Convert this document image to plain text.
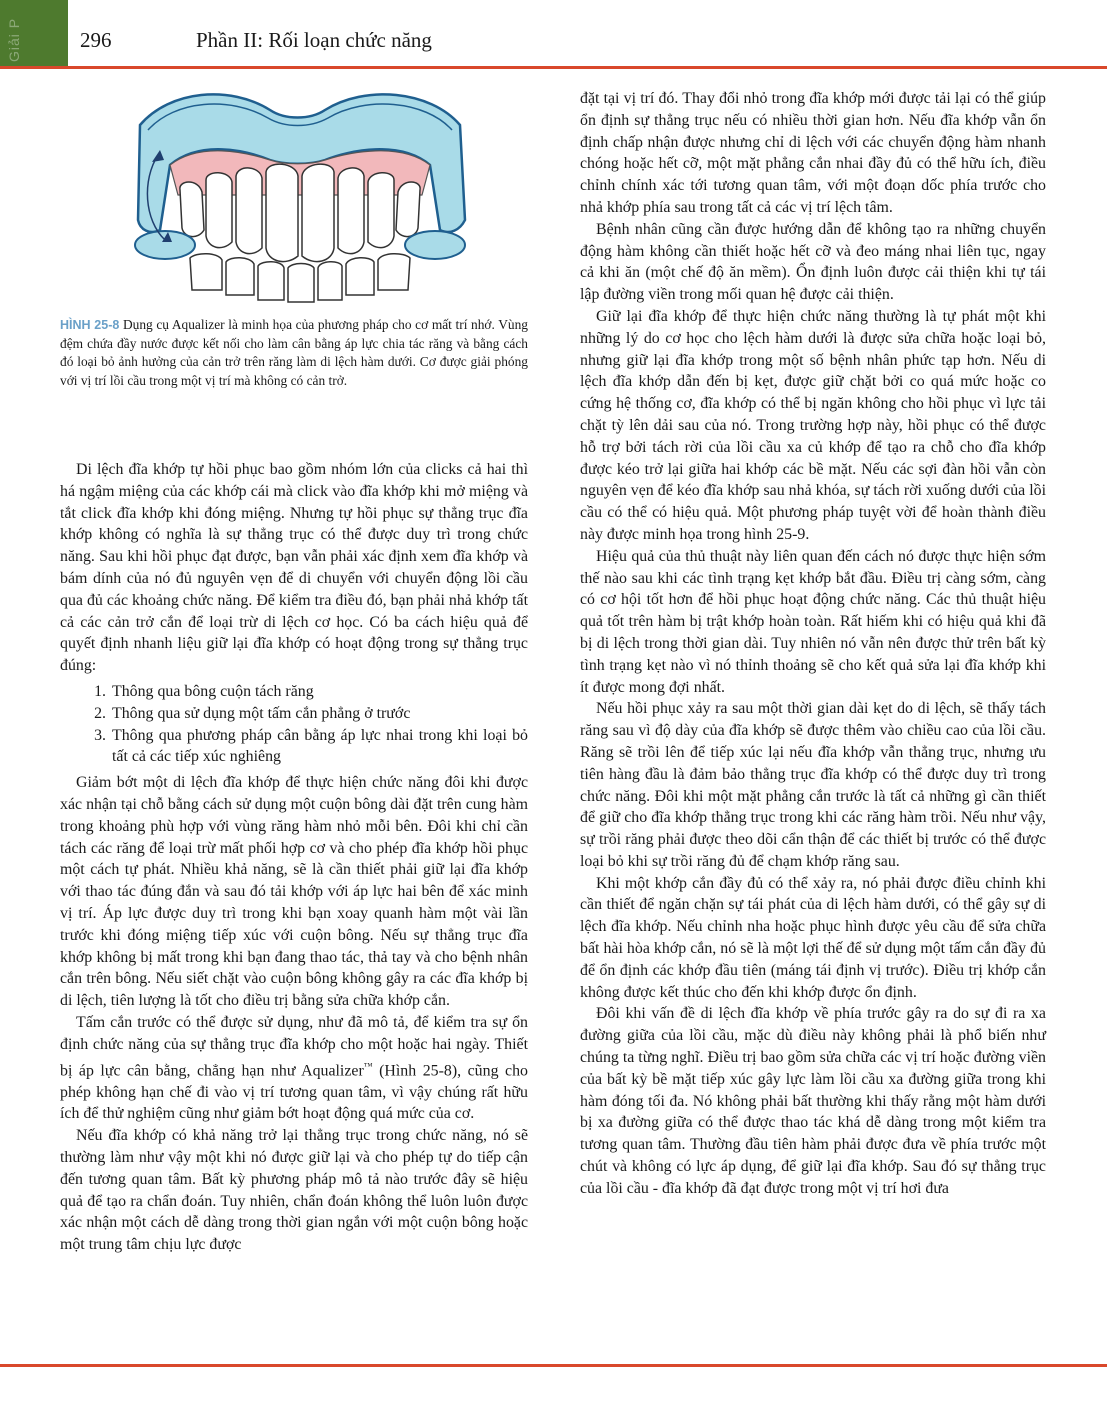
Giải P	296	Phần II: Rối loạn chức năng
HÌNH 25-8 Dụng cụ Aqualizer là minh họa của phương pháp cho cơ mất trí nhớ. Vùng đệm chứa đầy nước được kết nối cho làm cân bằng áp lực chia tác răng và bằng cách đó loại bỏ ảnh hưởng của cản trở trên răng làm di lệch hàm dưới. Cơ được giải phóng với vị trí lồi cầu trong một vị trí mà không có cản trở.

Di lệch đĩa khớp tự hồi phục bao gồm nhóm lớn của clicks cả hai thì há ngậm miệng của các khớp cái mà click vào đĩa khớp khi mở miệng và tắt click đĩa khớp khi đóng miệng. Nhưng tự hồi phục sự thẳng trục đĩa khớp không có nghĩa là sự thẳng trục có thể được duy trì trong chức năng. Sau khi hồi phục đạt được, bạn vẫn phải xác định xem đĩa khớp và bám dính của nó đủ nguyên vẹn để di chuyển với chuyển động lồi cầu qua đủ các khoảng chức năng. Để kiểm tra điều đó, bạn phải nhả khớp tất cả các cản trở cắn để loại trừ di lệch cơ học. Có ba cách hiệu quả để quyết định nhanh liệu giữ lại đĩa khớp có hoạt động trong sự thẳng trục đúng:

1. Thông qua bông cuộn tách răng
2. Thông qua sử dụng một tấm cắn phẳng ở trước
3. Thông qua phương pháp cân bằng áp lực nhai trong khi loại bỏ tất cả các tiếp xúc nghiêng

Giảm bớt một di lệch đĩa khớp để thực hiện chức năng đôi khi được xác nhận tại chỗ bằng cách sử dụng một cuộn bông dài đặt trên cung hàm trong khoảng phù hợp với vùng răng hàm nhỏ mỗi bên. Đôi khi chỉ cần tách các răng để loại trừ mất phối hợp cơ và cho phép đĩa khớp hồi phục một cách tự phát. Nhiều khả năng, sẽ là cần thiết phải giữ lại đĩa khớp với thao tác đúng đắn và sau đó tải khớp với áp lực hai bên để xác minh vị trí. Áp lực được duy trì trong khi bạn xoay quanh hàm một vài lần trước khi đóng miệng tiếp xúc với cuộn bông. Nếu sự thẳng trục đĩa khớp không bị mất trong khi bạn đang thao tác, thả tay và cho bệnh nhân cắn trên bông. Nếu siết chặt vào cuộn bông không gây ra các đĩa khớp bị di lệch, tiên lượng là tốt cho điều trị bằng sửa chữa khớp cắn.

Tấm cắn trước có thể được sử dụng, như đã mô tả, để kiểm tra sự ổn định chức năng của sự thẳng trục đĩa khớp cho một hoặc hai ngày. Thiết bị áp lực cân bằng, chẳng hạn như Aqualizer™ (Hình 25-8), cũng cho phép không hạn chế đi vào vị trí tương quan tâm, vì vậy chúng rất hữu ích để thử nghiệm cũng như giảm bớt hoạt động quá mức của cơ.

Nếu đĩa khớp có khả năng trở lại thẳng trục trong chức năng, nó sẽ thường làm như vậy một khi nó được giữ lại và cho phép tự do tiếp cận đến tương quan tâm. Bất kỳ phương pháp mô tả nào trước đây sẽ hiệu quả để tạo ra chẩn đoán. Tuy nhiên, chẩn đoán không thể luôn luôn được xác nhận một cách dễ dàng trong thời gian ngắn với một cuộn bông hoặc một trung tâm chịu lực được

đặt tại vị trí đó. Thay đổi nhỏ trong đĩa khớp mới được tải lại có thể giúp ổn định sự thẳng trục nếu có nhiều thời gian hơn. Nếu đĩa khớp vẫn ổn định chấp nhận được nhưng chỉ di lệch với các chuyển động hàm nhanh chóng hoặc hết cỡ, một mặt phẳng cắn nhai đầy đủ có thể hữu ích, điều chỉnh chính xác tới tương quan tâm, với một đoạn dốc phía trước cho nhả khớp phía sau trong tất cả các vị trí lệch tâm.

Bệnh nhân cũng cần được hướng dẫn để không tạo ra những chuyển động hàm không cần thiết hoặc hết cỡ và đeo máng nhai liên tục, ngay cả khi ăn (một chế độ ăn mềm). Ổn định luôn được cải thiện khi tự tái lập đường viền trong mối quan hệ được cải thiện.

Giữ lại đĩa khớp để thực hiện chức năng thường là tự phát một khi những lý do cơ học cho lệch hàm dưới là được sửa chữa hoặc loại bỏ, nhưng giữ lại đĩa khớp trong một số bệnh nhân phức tạp hơn. Nếu di lệch đĩa khớp dẫn đến bị kẹt, được giữ chặt bởi co quá mức hoặc co cứng hệ thống cơ, đĩa khớp có thể bị ngăn không cho hồi phục vì lực tải chặt tỳ lên dải sau của nó. Trong trường hợp này, hồi phục có thể được hỗ trợ bởi tách rời của lồi cầu xa củ khớp để tạo ra chỗ cho đĩa khớp được kéo trở lại giữa hai khớp các bề mặt. Nếu các sợi đàn hồi vẫn còn nguyên vẹn để kéo đĩa khớp sau nhả khóa, sự tách rời xuống dưới của lồi cầu có thể có hiệu quả. Một phương pháp tuyệt vời để hoàn thành điều này được minh họa trong hình 25-9.

Hiệu quả của thủ thuật này liên quan đến cách nó được thực hiện sớm thế nào sau khi các tình trạng kẹt khớp bắt đầu. Điều trị càng sớm, càng có cơ hội tốt hơn để hồi phục hoạt động chức năng. Các thủ thuật hiệu quả tốt trên hàm bị trật khớp hoàn toàn. Rất hiếm khi có hiệu quả khi đã bị di lệch trong thời gian dài. Tuy nhiên nó vẫn nên được thử trên bất kỳ tình trạng kẹt nào vì nó thỉnh thoảng sẽ cho kết quả sửa lại đĩa khớp khi ít được mong đợi nhất.

Nếu hồi phục xảy ra sau một thời gian dài kẹt do di lệch, sẽ thấy tách răng sau vì độ dày của đĩa khớp sẽ được thêm vào chiều cao của lồi cầu. Răng sẽ trồi lên để tiếp xúc lại nếu đĩa khớp vẫn thẳng trục, nhưng ưu tiên hàng đầu là đảm bảo thẳng trục đĩa khớp có thể được duy trì trong chức năng. Đôi khi một mặt phẳng cắn trước là tất cả những gì cần thiết để giữ cho đĩa khớp thẳng trục trong khi các răng hàm trồi. Nếu như vậy, sự trồi răng phải được theo dõi cẩn thận để các thiết bị trước có thể được loại bỏ khi sự trồi răng đủ để chạm khớp răng sau.

Khi một khớp cắn đầy đủ có thể xảy ra, nó phải được điều chỉnh khi cần thiết để ngăn chặn sự tái phát của di lệch hàm dưới, có thể gây sự di lệch đĩa khớp. Nếu chỉnh nha hoặc phục hình được yêu cầu để sửa chữa bất hài hòa khớp cắn, nó sẽ là một lợi thế để sử dụng một tấm cắn đầy đủ để ổn định các khớp đầu tiên (máng tái định vị trước). Điều trị khớp cắn không được kết thúc cho đến khi khớp được ổn định.

Đôi khi vấn đề di lệch đĩa khớp về phía trước gây ra do sự đi ra xa đường giữa của lồi cầu, mặc dù điều này không phải là phổ biến như chúng ta từng nghĩ. Điều trị bao gồm sửa chữa các vị trí hoặc đường viền của bất kỳ bề mặt tiếp xúc gây lực làm lồi cầu xa đường giữa trong khi hàm đóng tối đa. Nó không phải bất thường khi thấy rằng một hàm dưới bị xa đường giữa có thể được thao tác khá dễ dàng trong một kiểm tra tương quan tâm. Thường đầu tiên hàm phải được đưa về phía trước một chút và không có lực áp dụng, để giữ lại đĩa khớp. Sau đó sự thẳng trục của lồi cầu - đĩa khớp đã đạt được trong một vị trí hơi đưa
